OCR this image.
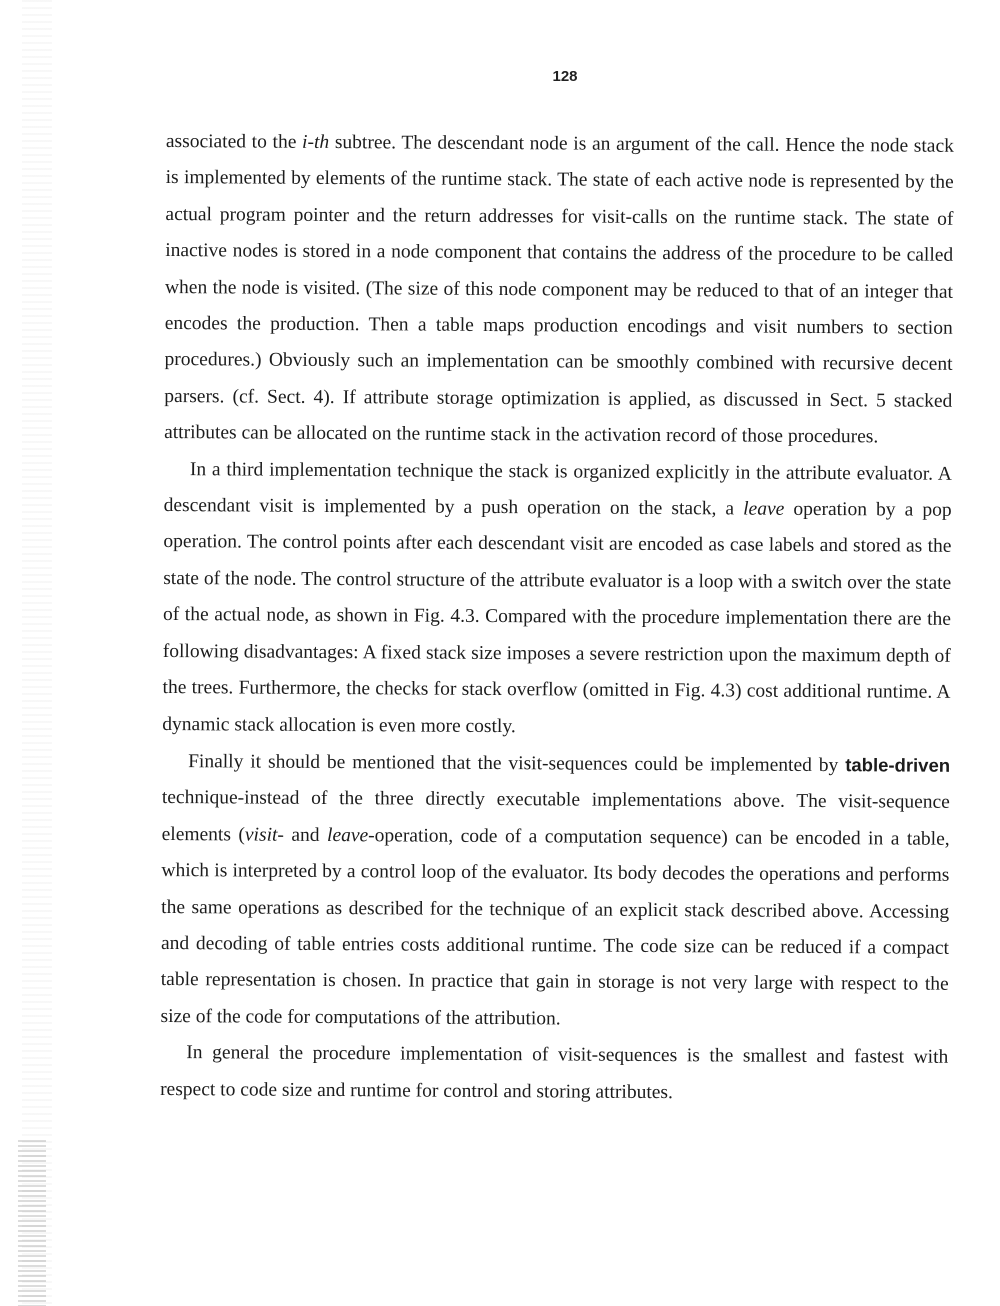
128

associated to the i-th subtree. The descendant node is an argument of the call. Hence the node stack is implemented by elements of the runtime stack. The state of each active node is represented by the actual program pointer and the return addresses for visit-calls on the runtime stack. The state of inactive nodes is stored in a node component that contains the address of the procedure to be called when the node is visited. (The size of this node component may be reduced to that of an integer that encodes the production. Then a table maps production encodings and visit numbers to section procedures.) Obviously such an implementation can be smoothly combined with recursive decent parsers. (cf. Sect. 4). If attribute storage optimization is applied, as discussed in Sect. 5 stacked attributes can be allocated on the runtime stack in the activation record of those procedures.

In a third implementation technique the stack is organized explicitly in the attribute evaluator. A descendant visit is implemented by a push operation on the stack, a leave operation by a pop operation. The control points after each descendant visit are encoded as case labels and stored as the state of the node. The control structure of the attribute evaluator is a loop with a switch over the state of the actual node, as shown in Fig. 4.3. Compared with the procedure implementation there are the following disadvantages: A fixed stack size imposes a severe restriction upon the maximum depth of the trees. Furthermore, the checks for stack overflow (omitted in Fig. 4.3) cost additional runtime. A dynamic stack allocation is even more costly.

Finally it should be mentioned that the visit-sequences could be implemented by table-driven technique-instead of the three directly executable implementations above. The visit-sequence elements (visit- and leave-operation, code of a computation sequence) can be encoded in a table, which is interpreted by a control loop of the evaluator. Its body decodes the operations and performs the same operations as described for the technique of an explicit stack described above. Accessing and decoding of table entries costs additional runtime. The code size can be reduced if a compact table representation is chosen. In practice that gain in storage is not very large with respect to the size of the code for computations of the attribution.

In general the procedure implementation of visit-sequences is the smallest and fastest with respect to code size and runtime for control and storing attributes.
